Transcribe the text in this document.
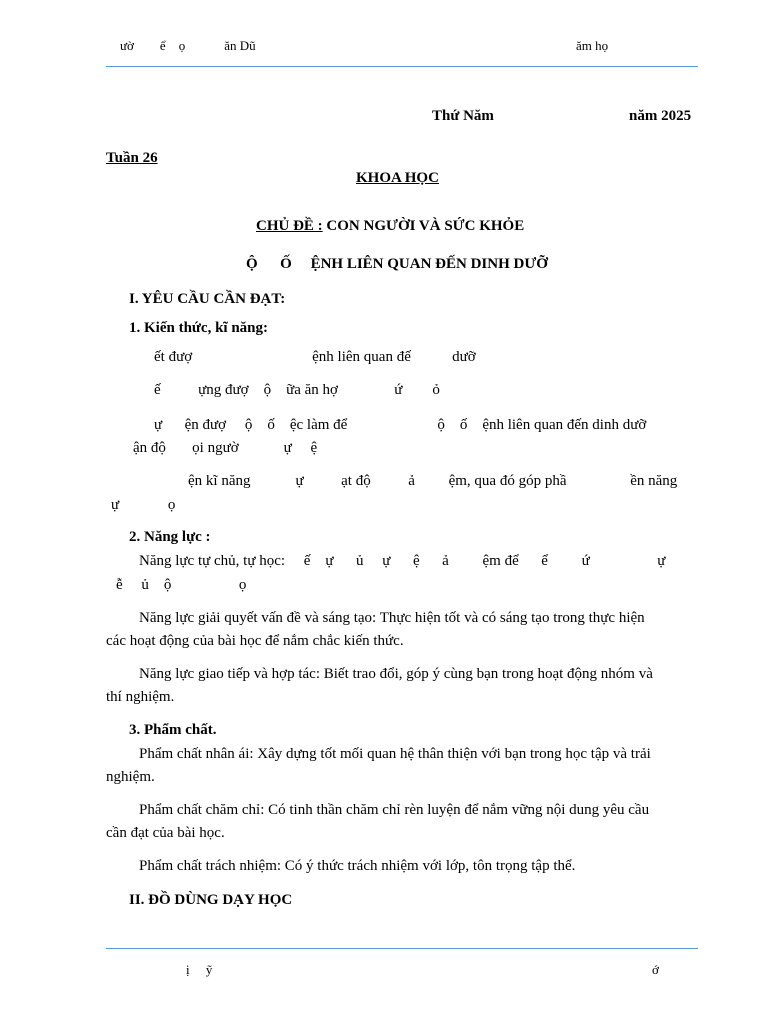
ườ        ể    ọ            ăn Dũ	ăm họ
Thứ Năm	năm 2025
Tuần 26
KHOA HỌC
CHỦ ĐỀ : CON NGƯỜI VÀ SỨC KHỎE
Ộ      Ố     ỆNH LIÊN QUAN ĐẾN DINH DƯỠ
I. YÊU CẦU CẦN ĐẠT:
1. Kiến thức, kĩ năng:
ết đượ                                ệnh liên quan đế           dưỡ
ế          ựng đượ    ộ    ữa ăn hợ               ứ        ỏ
ự      ện đượ     ộ    ố    ệc làm để                        ộ    ố    ệnh liên quan đến dinh dưỡ
ận độ       ọi ngườ            ự     ệ
ện kĩ năng            ự          ạt độ          ả         ệm, qua đó góp phầ                 ền năng
ự             ọ
2. Năng lực :
Năng lực tự chủ, tự học:     ế    ự      ủ     ự      ệ      ả         ệm để      ể         ứ                  ự
ễ     ủ    ộ                  ọ
Năng lực giải quyết vấn đề và sáng tạo: Thực hiện tốt và có sáng tạo trong thực hiện
các hoạt động của bài học để nắm chắc kiến thức.
Năng lực giao tiếp và hợp tác: Biết trao đổi, góp ý cùng bạn trong hoạt động nhóm và
thí nghiệm.
3. Phẩm chất.
Phẩm chất nhân ái: Xây dựng tốt mối quan hệ thân thiện với bạn trong học tập và trải
nghiệm.
Phẩm chất chăm chỉ: Có tinh thần chăm chỉ rèn luyện để nắm vững nội dung yêu cầu
cần đạt của bài học.
Phẩm chất trách nhiệm: Có ý thức trách nhiệm với lớp, tôn trọng tập thể.
II. ĐỒ DÙNG DẠY HỌC
ị     ỹ	ớ
